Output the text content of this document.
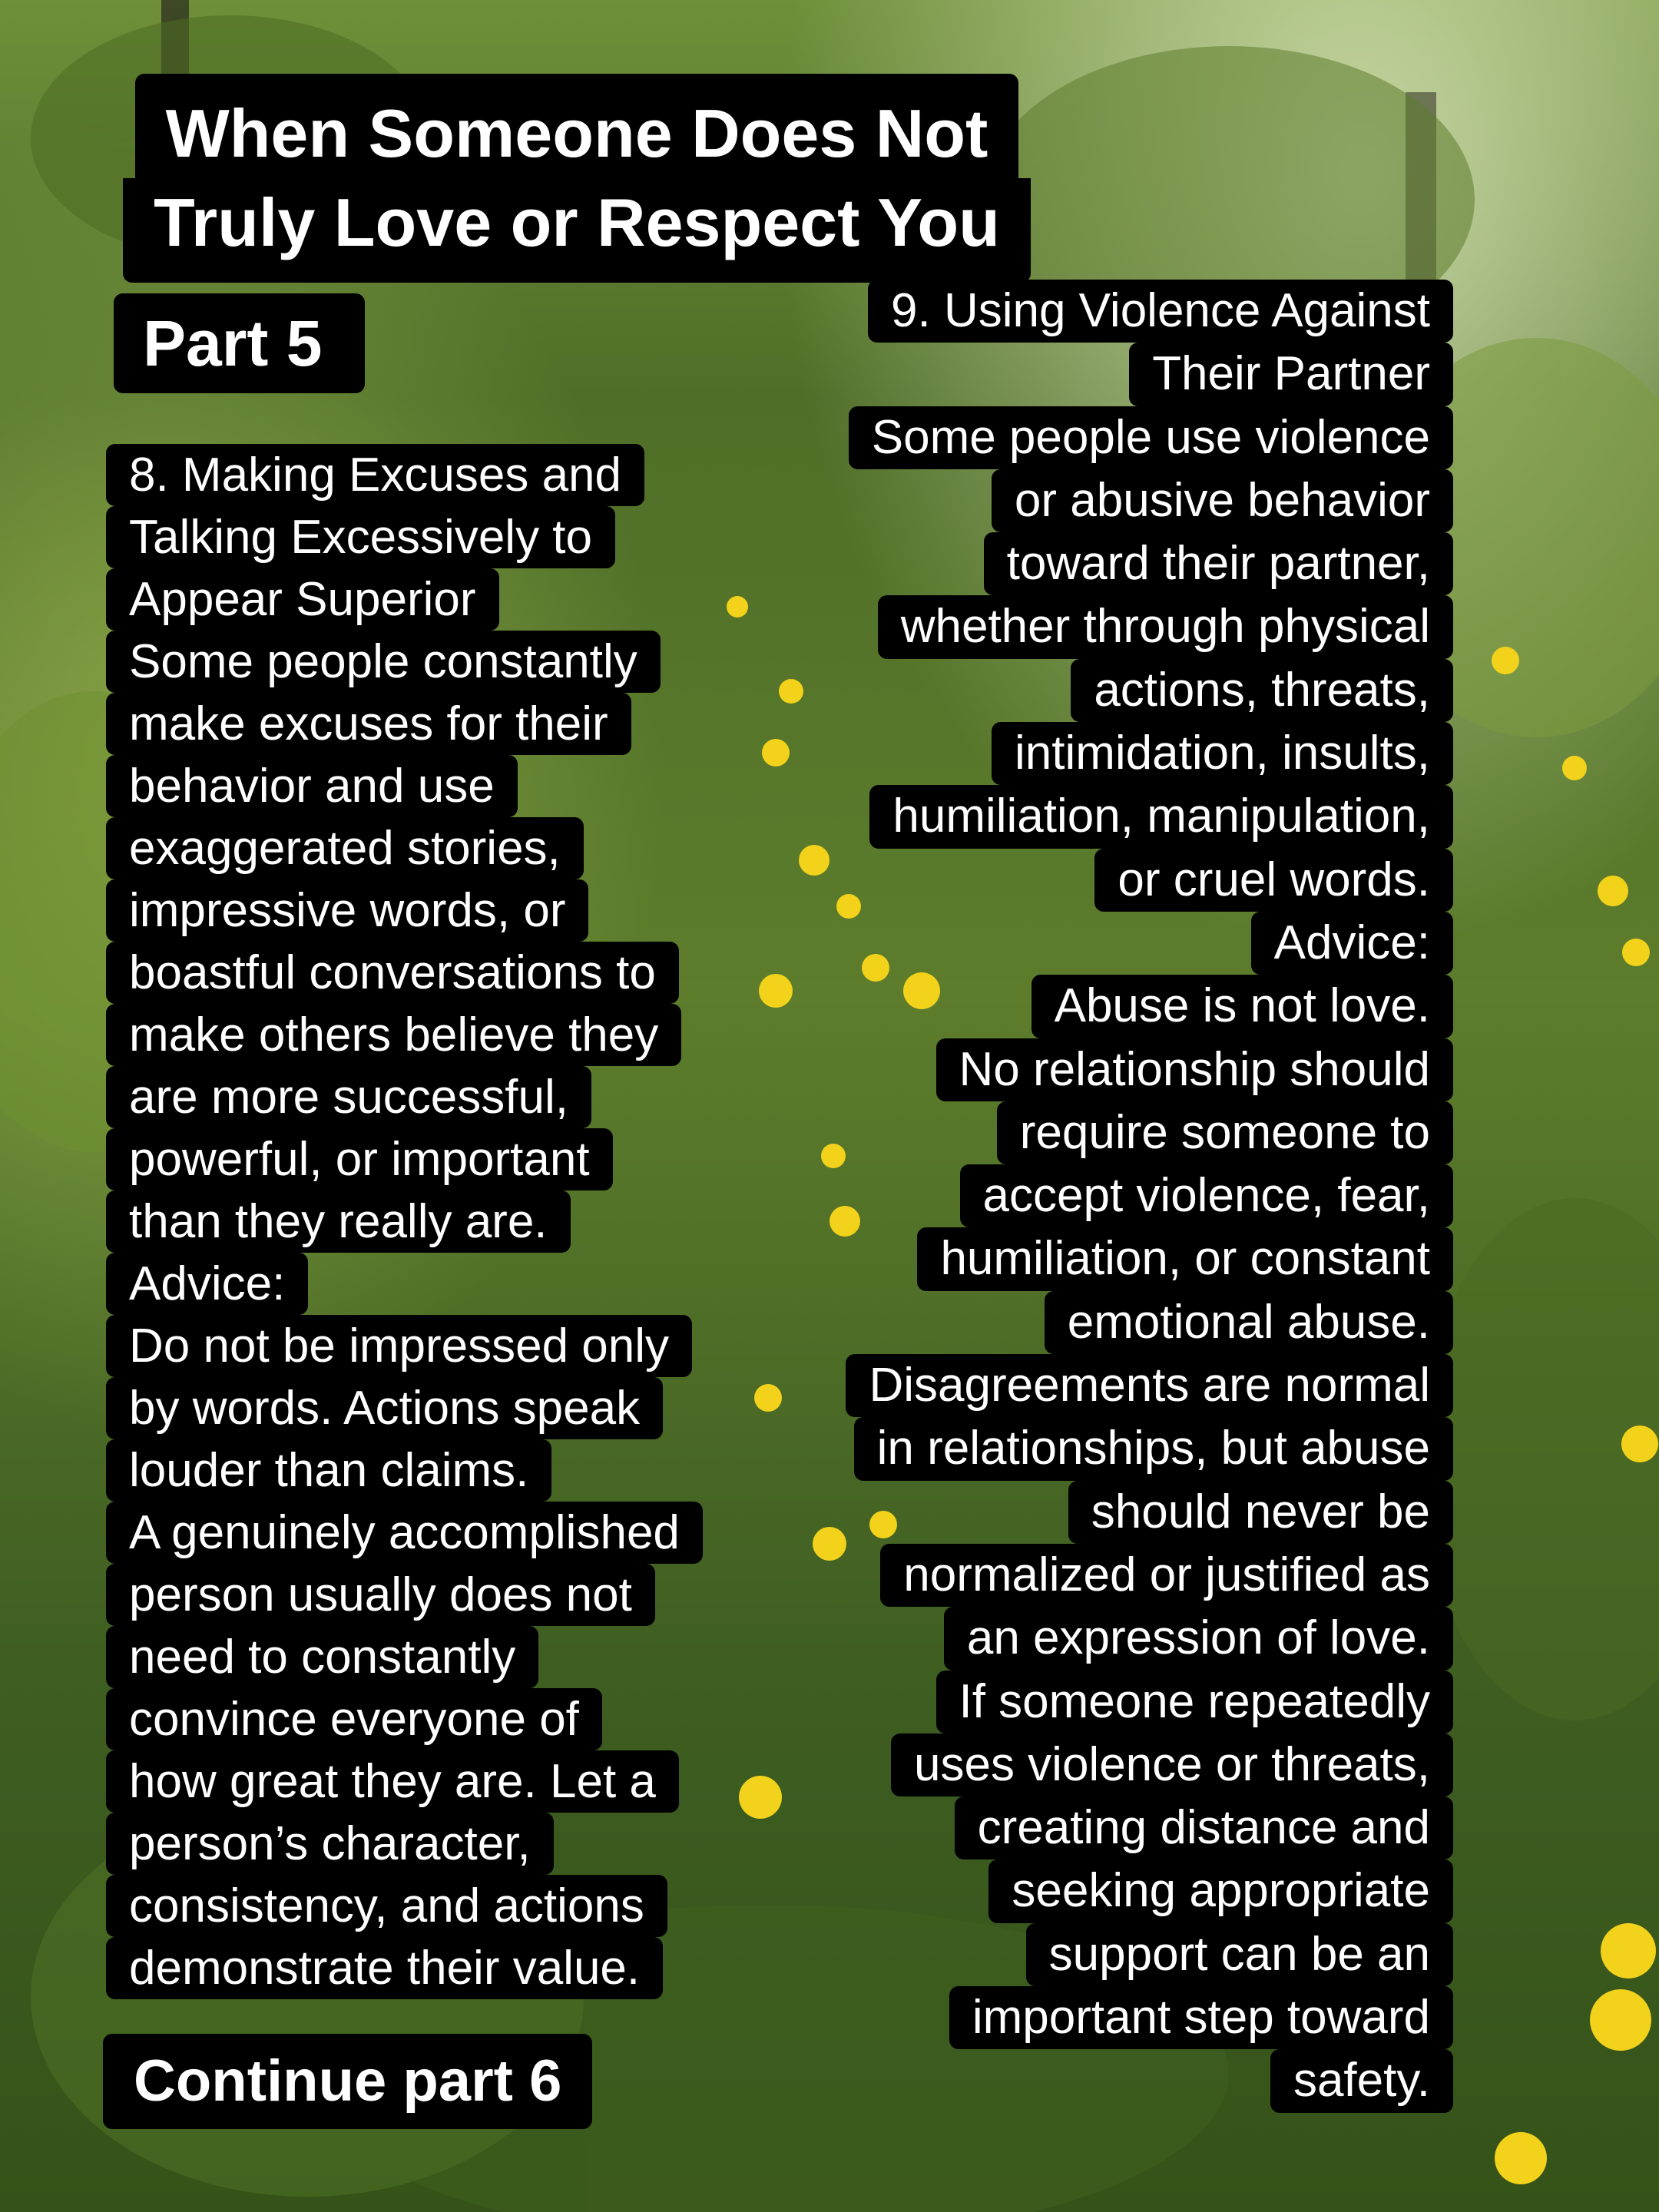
When Someone Does Not
Truly Love or Respect You
Part 5
8. Making Excuses and
Talking Excessively to
Appear Superior
Some people constantly
make excuses for their
behavior and use
exaggerated stories,
impressive words, or
boastful conversations to
make others believe they
are more successful,
powerful, or important
than they really are.
Advice:
Do not be impressed only
by words. Actions speak
louder than claims.
A genuinely accomplished
person usually does not
need to constantly
convince everyone of
how great they are. Let a
person’s character,
consistency, and actions
demonstrate their value.
9. Using Violence Against
Their Partner
Some people use violence
or abusive behavior
toward their partner,
whether through physical
actions, threats,
intimidation, insults,
humiliation, manipulation,
or cruel words.
Advice:
Abuse is not love.
No relationship should
require someone to
accept violence, fear,
humiliation, or constant
emotional abuse.
Disagreements are normal
in relationships, but abuse
should never be
normalized or justified as
an expression of love.
If someone repeatedly
uses violence or threats,
creating distance and
seeking appropriate
support can be an
important step toward
safety.
Continue part 6
